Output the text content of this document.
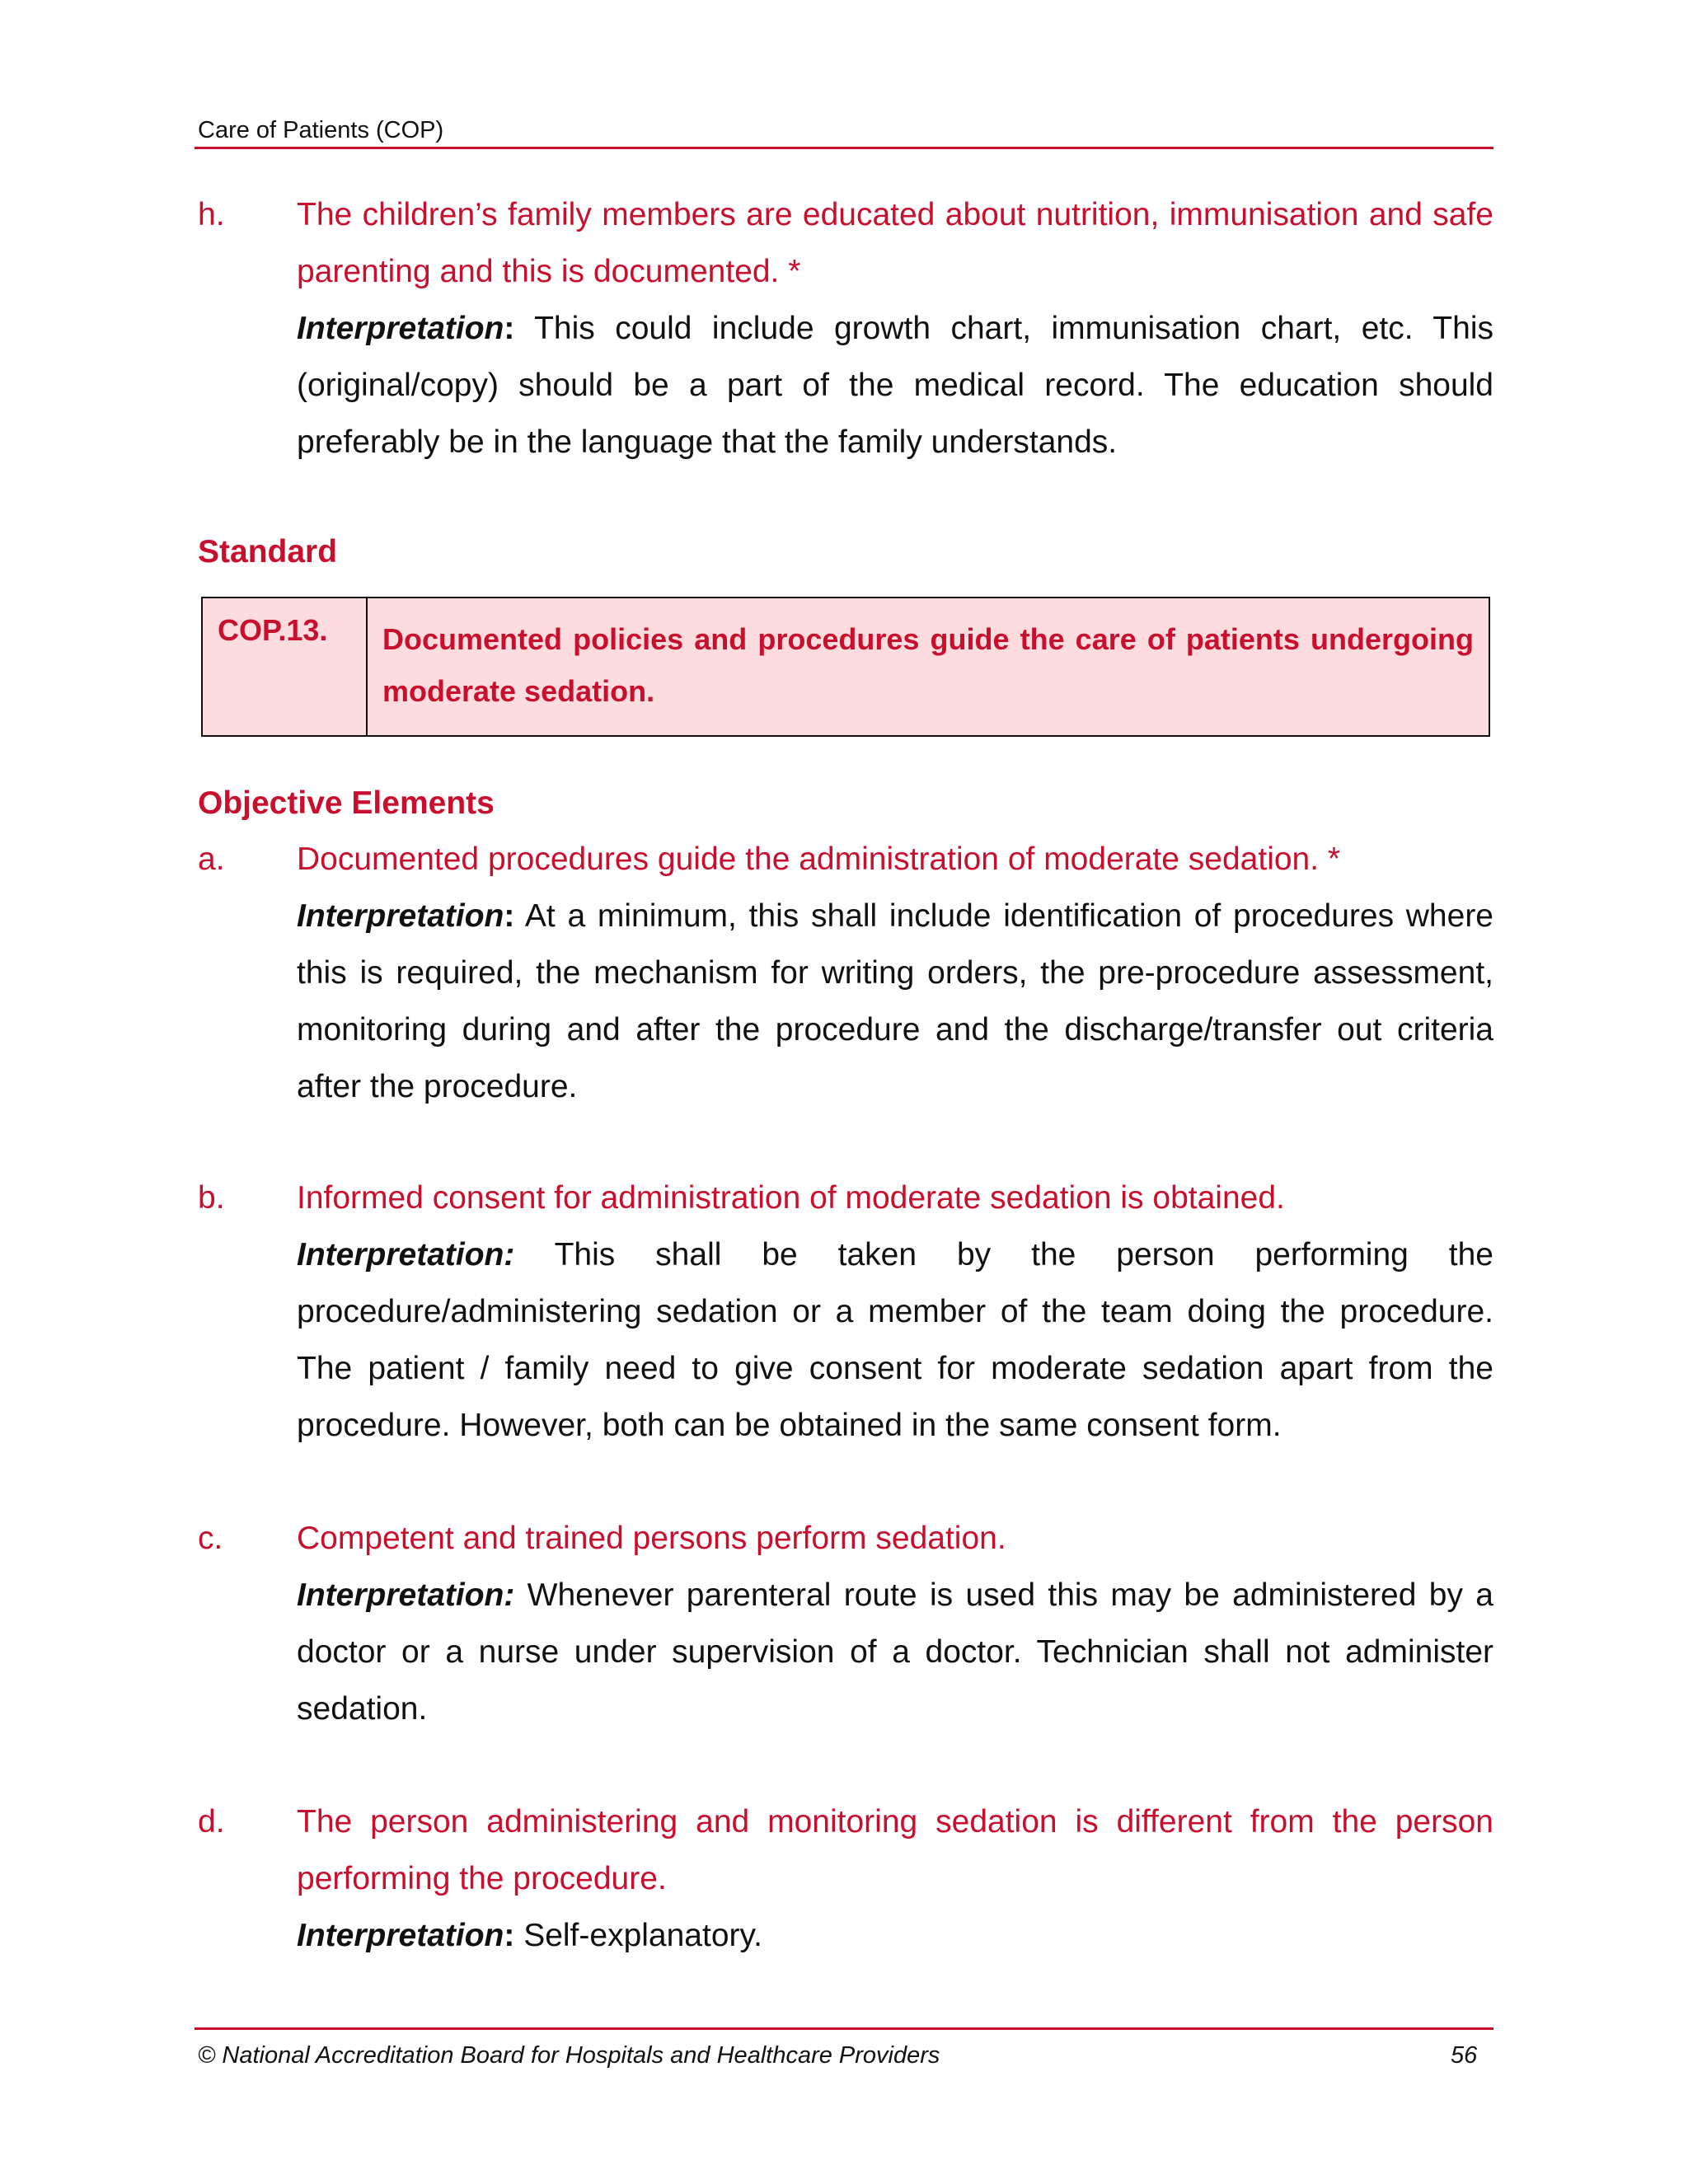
Care of Patients (COP)
h. The children’s family members are educated about nutrition, immunisation and safe parenting and this is documented. *
Interpretation: This could include growth chart, immunisation chart, etc. This (original/copy) should be a part of the medical record. The education should preferably be in the language that the family understands.
Standard
COP.13.	Documented policies and procedures guide the care of patients undergoing moderate sedation.
Objective Elements
a. Documented procedures guide the administration of moderate sedation. *
Interpretation: At a minimum, this shall include identification of procedures where this is required, the mechanism for writing orders, the pre-procedure assessment, monitoring during and after the procedure and the discharge/transfer out criteria after the procedure.
b. Informed consent for administration of moderate sedation is obtained.
Interpretation: This shall be taken by the person performing the procedure/administering sedation or a member of the team doing the procedure. The patient / family need to give consent for moderate sedation apart from the procedure. However, both can be obtained in the same consent form.
c. Competent and trained persons perform sedation.
Interpretation: Whenever parenteral route is used this may be administered by a doctor or a nurse under supervision of a doctor. Technician shall not administer sedation.
d. The person administering and monitoring sedation is different from the person performing the procedure.
Interpretation: Self-explanatory.
© National Accreditation Board for Hospitals and Healthcare Providers	56
